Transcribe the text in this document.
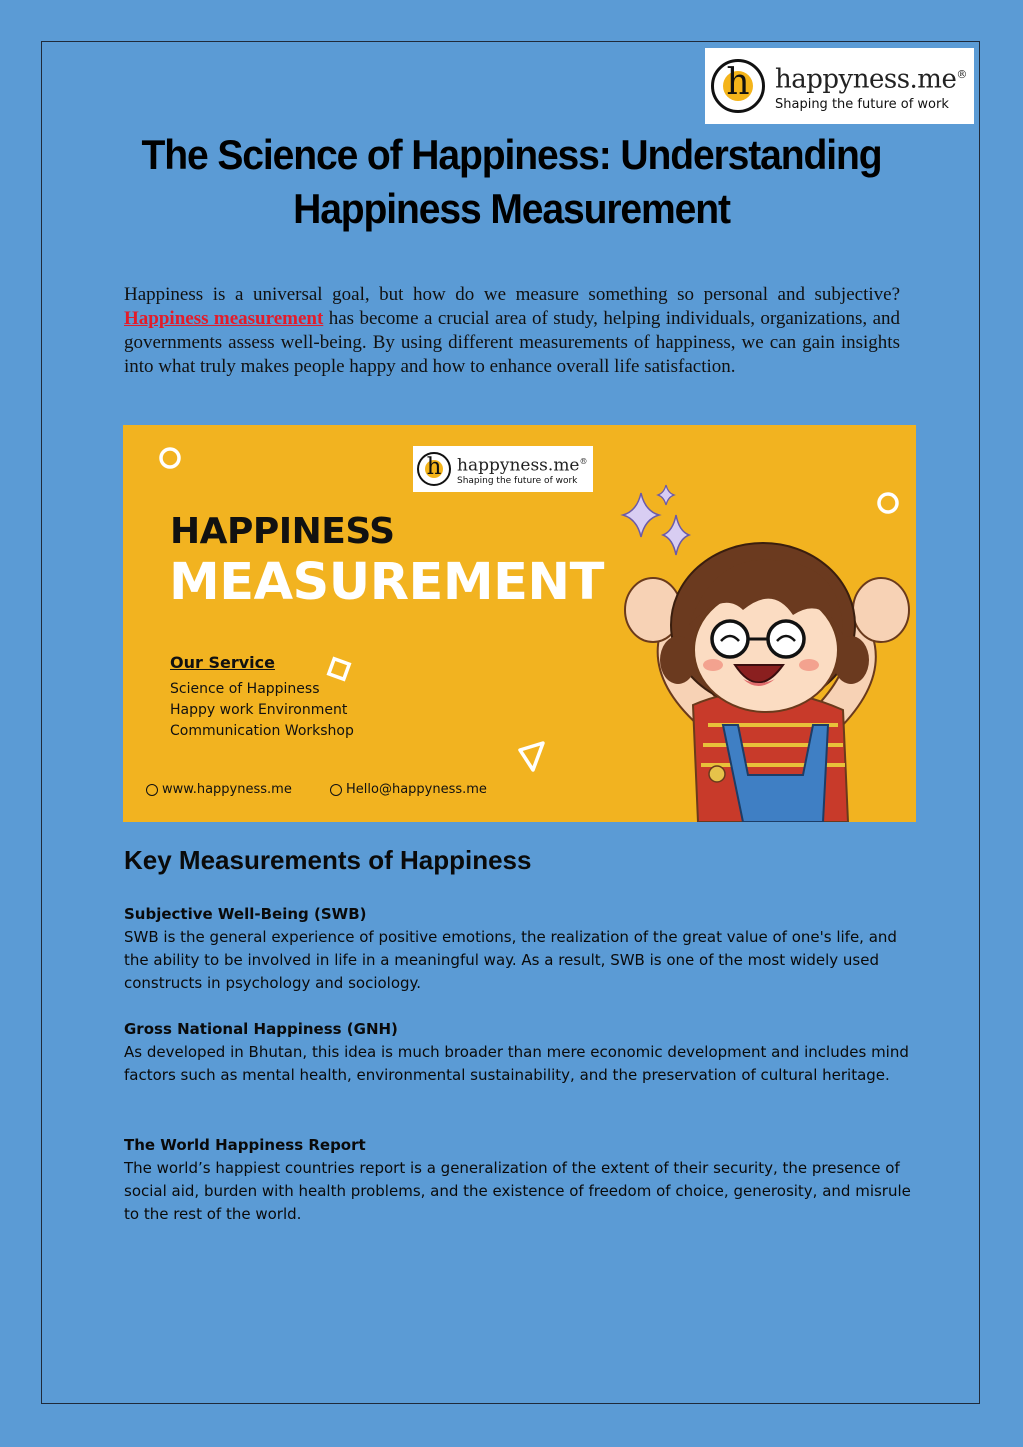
h happyness.me®
Shaping the future of work
The Science of Happiness: Understanding Happiness Measurement

Happiness is a universal goal, but how do we measure something so personal and subjective? Happiness measurement has become a crucial area of study, helping individuals, organizations, and governments assess well-being. By using different measurements of happiness, we can gain insights into what truly makes people happy and how to enhance overall life satisfaction.

h happyness.me®
Shaping the future of work
HAPPINESS
MEASUREMENT
Our Service
Science of Happiness
Happy work Environment
Communication Workshop
www.happyness.me	Hello@happyness.me
Key Measurements of Happiness
Subjective Well-Being (SWB)
SWB is the general experience of positive emotions, the realization of the great value of one's life, and the ability to be involved in life in a meaningful way. As a result, SWB is one of the most widely used constructs in psychology and sociology.
Gross National Happiness (GNH)
As developed in Bhutan, this idea is much broader than mere economic development and includes mind factors such as mental health, environmental sustainability, and the preservation of cultural heritage.
The World Happiness Report
The world’s happiest countries report is a generalization of the extent of their security, the presence of social aid, burden with health problems, and the existence of freedom of choice, generosity, and misrule to the rest of the world.
